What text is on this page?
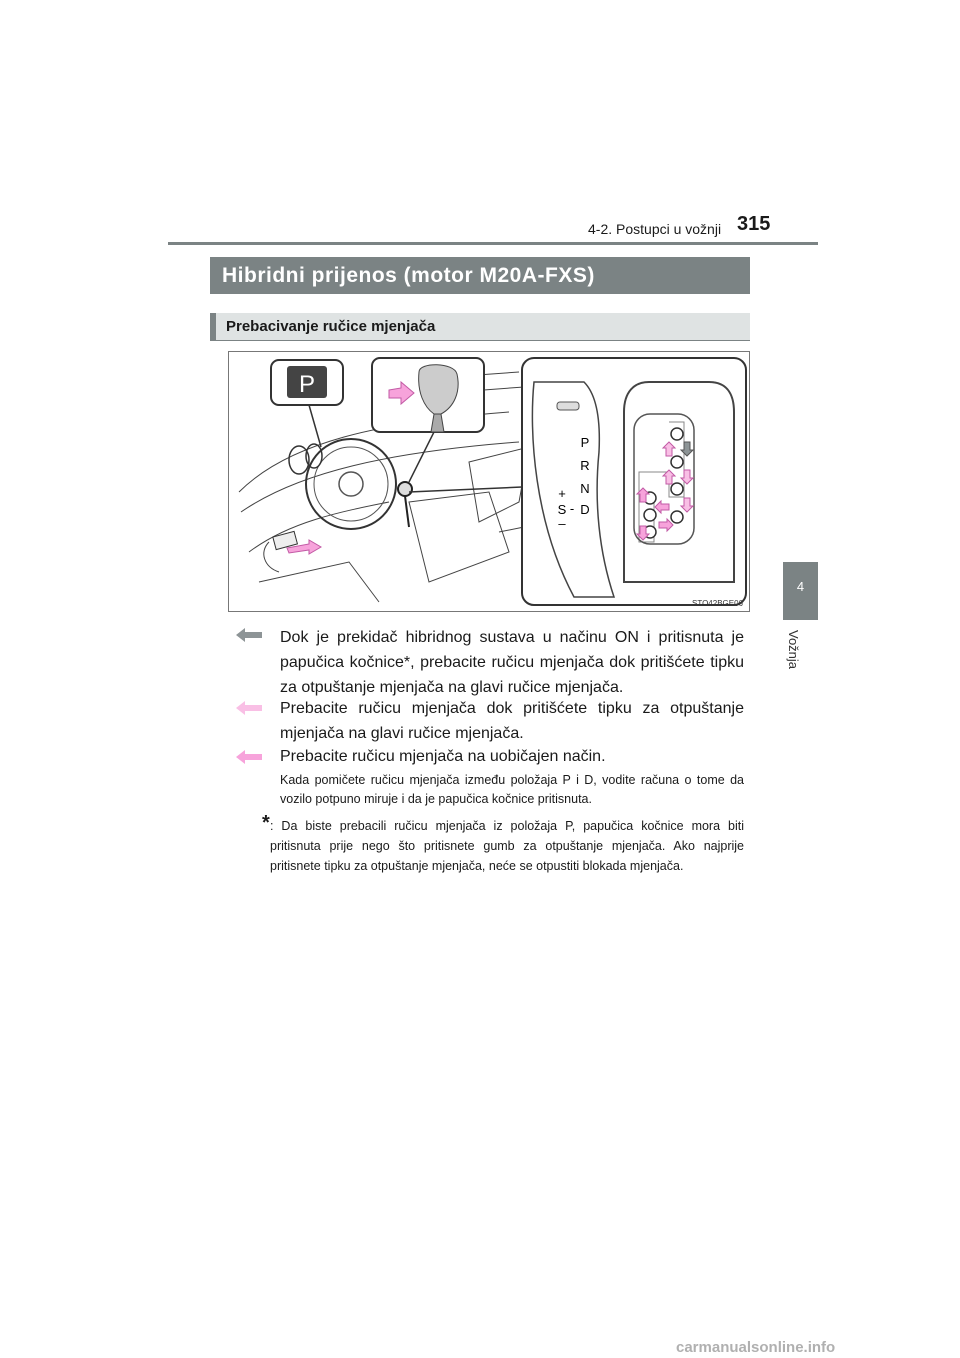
4-2. Postupci u vožnji 315
4
Vožnja
Hibridni prijenos (motor M20A-FXS)
Prebacivanje ručice mjenjača
P
P
R
N
D
-
+
S
–
STO42BGE06
Dok je prekidač hibridnog sustava u načinu ON i pritisnuta je papučica kočnice*, prebacite ručicu mjenjača dok pritišćete tipku za otpuštanje mjenjača na glavi ručice mjenjača.
Prebacite ručicu mjenjača dok pritišćete tipku za otpuštanje mjenjača na glavi ručice mjenjača.
Prebacite ručicu mjenjača na uobičajen način.
Kada pomičete ručicu mjenjača između položaja P i D, vodite računa o tome da vozilo potpuno miruje i da je papučica kočnice pritisnuta.
* : Da biste prebacili ručicu mjenjača iz položaja P, papučica kočnice mora biti pritisnuta prije nego što pritisnete gumb za otpuštanje mjenjača. Ako najprije pritisnete tipku za otpuštanje mjenjača, neće se otpustiti blokada mjenjača.
carmanualsonline.info
